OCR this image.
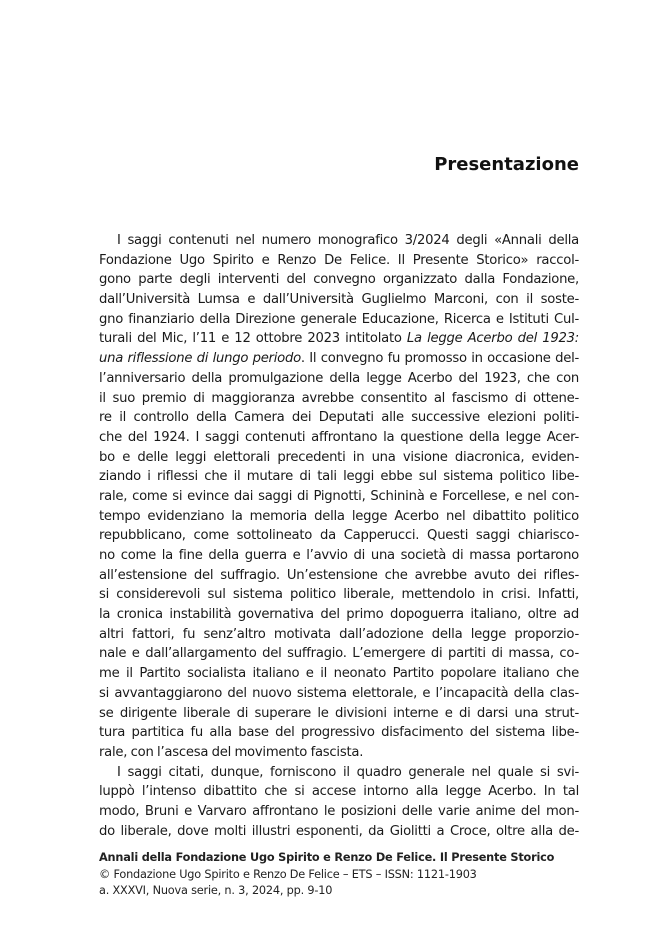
Presentazione
I saggi contenuti nel numero monografico 3/2024 degli «Annali della
Fondazione Ugo Spirito e Renzo De Felice. Il Presente Storico» raccol-
gono parte degli interventi del convegno organizzato dalla Fondazione,
dall’Università Lumsa e dall’Università Guglielmo Marconi, con il soste-
gno finanziario della Direzione generale Educazione, Ricerca e Istituti Cul-
turali del Mic, l’11 e 12 ottobre 2023 intitolato La legge Acerbo del 1923:
una riflessione di lungo periodo. Il convegno fu promosso in occasione del-
l’anniversario della promulgazione della legge Acerbo del 1923, che con
il suo premio di maggioranza avrebbe consentito al fascismo di ottene-
re il controllo della Camera dei Deputati alle successive elezioni politi-
che del 1924. I saggi contenuti affrontano la questione della legge Acer-
bo e delle leggi elettorali precedenti in una visione diacronica, eviden-
ziando i riflessi che il mutare di tali leggi ebbe sul sistema politico libe-
rale, come si evince dai saggi di Pignotti, Schininà e Forcellese, e nel con-
tempo evidenziano la memoria della legge Acerbo nel dibattito politico
repubblicano, come sottolineato da Capperucci. Questi saggi chiarisco-
no come la fine della guerra e l’avvio di una società di massa portarono
all’estensione del suffragio. Un’estensione che avrebbe avuto dei rifles-
si considerevoli sul sistema politico liberale, mettendolo in crisi. Infatti,
la cronica instabilità governativa del primo dopoguerra italiano, oltre ad
altri fattori, fu senz’altro motivata dall’adozione della legge proporzio-
nale e dall’allargamento del suffragio. L’emergere di partiti di massa, co-
me il Partito socialista italiano e il neonato Partito popolare italiano che
si avvantaggiarono del nuovo sistema elettorale, e l’incapacità della clas-
se dirigente liberale di superare le divisioni interne e di darsi una strut-
tura partitica fu alla base del progressivo disfacimento del sistema libe-
rale, con l’ascesa del movimento fascista.
I saggi citati, dunque, forniscono il quadro generale nel quale si svi-
luppò l’intenso dibattito che si accese intorno alla legge Acerbo. In tal
modo, Bruni e Varvaro affrontano le posizioni delle varie anime del mon-
do liberale, dove molti illustri esponenti, da Giolitti a Croce, oltre alla de-
Annali della Fondazione Ugo Spirito e Renzo De Felice. Il Presente Storico
© Fondazione Ugo Spirito e Renzo De Felice – ETS – ISSN: 1121-1903
a. XXXVI, Nuova serie, n. 3, 2024, pp. 9-10
